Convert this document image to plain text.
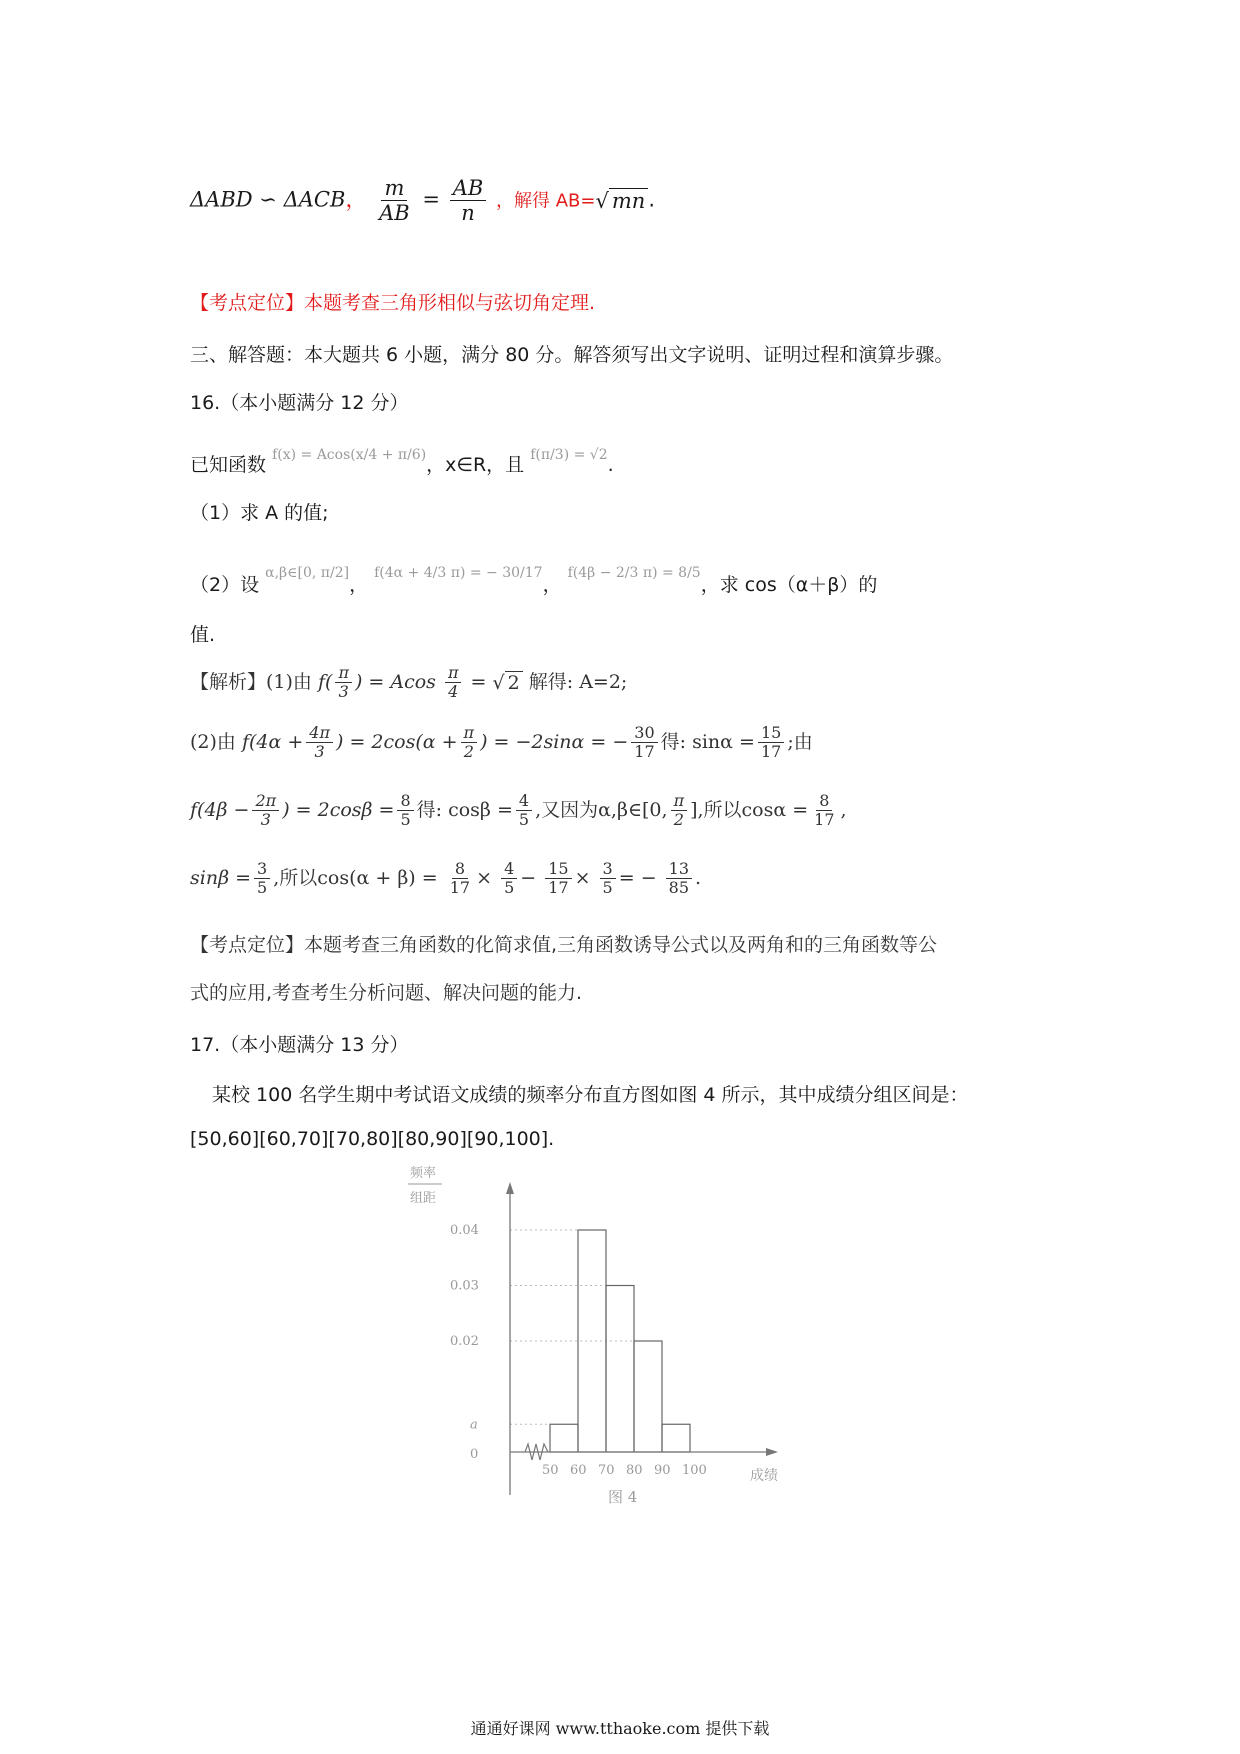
ΔABD ∽ ΔACB， $\frac{m}{AB} = \frac{AB}{n}$ ，解得 AB=√ mn .
【考点定位】本题考查三角形相似与弦切角定理.
三、解答题：本大题共 6 小题，满分 80 分。解答须写出文字说明、证明过程和演算步骤。
16.（本小题满分 12 分）
已知函数 $^{f(x) = Acos(x/4 + \pi/6)}$，x∈R，且 $^{f(\pi/3) = √2}$.
（1）求 A 的值;
（2）设 $^{\alpha,\beta\in[0, \pi/2]}$， $^{f(4\alpha + 4/3 \pi) = - 30/17}$， $^{f(4\beta - 2/3 \pi) = 8/5}$，求 cos（α＋β）的
值.
【解析】(1)由 $f( \frac{\pi}{3}$ ) = Acos $\frac{\pi}{4}$ = √ 2 解得: A=2;
(2)由 $f(4\alpha + \frac{4\pi}{3}$ ) = $2\cos(\alpha + \frac{\pi}{2}$ ) = −2sinα = − $\frac{30}{17}$ 得: $\sin\alpha = \frac{15}{17}$ ;由
$f(4\beta - \frac{2\pi}{3}$ ) = $2\cos\beta = \frac{8}{5}$ 得: $\cos\beta = \frac{4}{5}$ ,又因为α,β∈[0, $\frac{\pi}{2}$ ],所以$\cos\alpha = \frac{8}{17}$ ,
$\sin\beta = \frac{3}{5}$ ,所以$\cos(\alpha + \beta) = \frac{8}{17} \times \frac{4}{5} - \frac{15}{17} \times \frac{3}{5}$ = − $\frac{13}{85}$ .
【考点定位】本题考查三角函数的化简求值,三角函数诱导公式以及两角和的三角函数等公
式的应用,考查考生分析问题、解决问题的能力.
17.（本小题满分 13 分）
某校 100 名学生期中考试语文成绩的频率分布直方图如图 4 所示，其中成绩分组区间是：
[50,60][60,70][70,80][80,90][90,100].
频率
组距
0.04
0.03
0.02
a
0
50 60 70 80 90 100	成绩
图 4
通通好课网 www.tthaoke.com 提供下载
